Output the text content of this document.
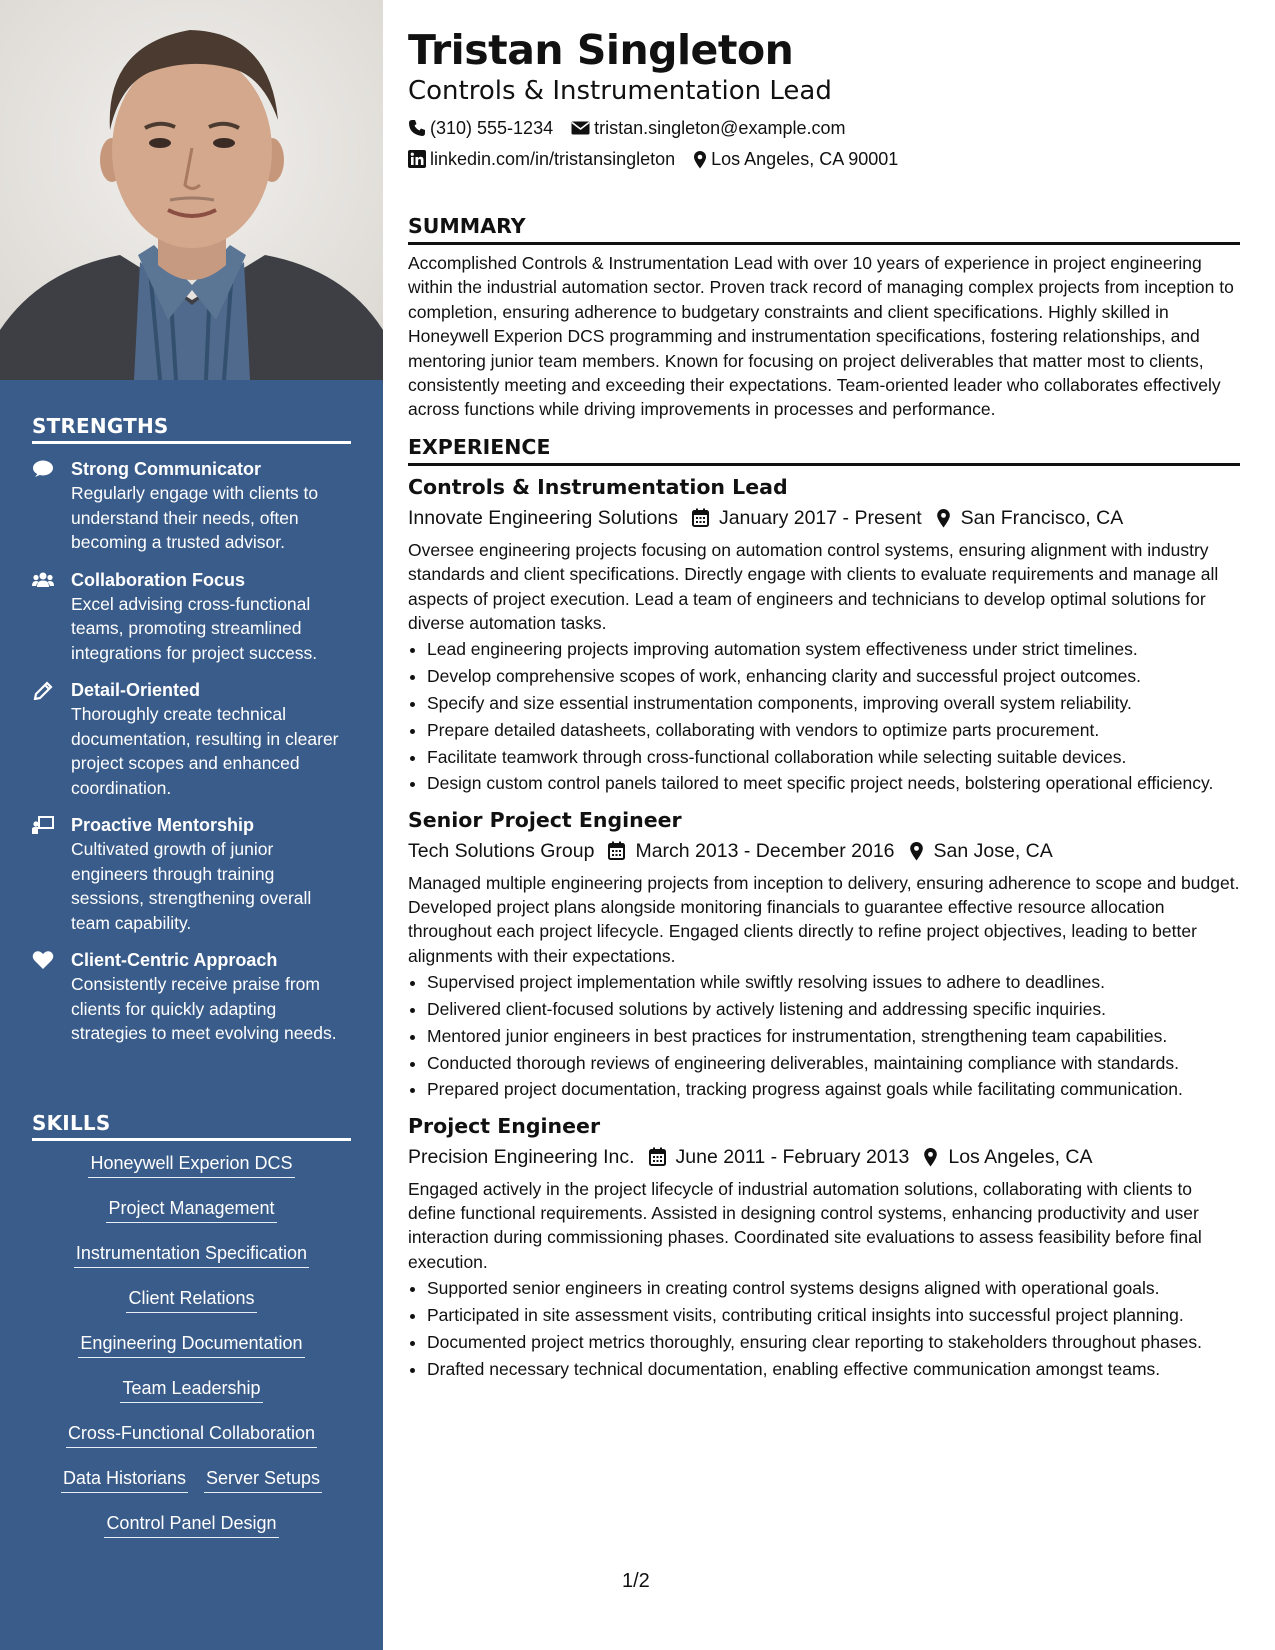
STRENGTHS
Strong Communicator
Regularly engage with clients to understand their needs, often becoming a trusted advisor.
Collaboration Focus
Excel advising cross-functional teams, promoting streamlined integrations for project success.
Detail-Oriented
Thoroughly create technical documentation, resulting in clearer project scopes and enhanced coordination.
Proactive Mentorship
Cultivated growth of junior engineers through training sessions, strengthening overall team capability.
Client-Centric Approach
Consistently receive praise from clients for quickly adapting strategies to meet evolving needs.
SKILLS
Honeywell Experion DCS
Project Management
Instrumentation Specification
Client Relations
Engineering Documentation
Team Leadership
Cross-Functional Collaboration
Data Historians Server Setups
Control Panel Design
Tristan Singleton
Controls & Instrumentation Lead
(310) 555-1234 tristan.singleton@example.com
linkedin.com/in/tristansingleton Los Angeles, CA 90001
SUMMARY

Accomplished Controls & Instrumentation Lead with over 10 years of experience in project engineering within the industrial automation sector. Proven track record of managing complex projects from inception to completion, ensuring adherence to budgetary constraints and client specifications. Highly skilled in Honeywell Experion DCS programming and instrumentation specifications, fostering relationships, and mentoring junior team members. Known for focusing on project deliverables that matter most to clients, consistently meeting and exceeding their expectations. Team-oriented leader who collaborates effectively across functions while driving improvements in processes and performance.

EXPERIENCE
Controls & Instrumentation Lead
Innovate Engineering Solutions January 2017 - Present San Francisco, CA

Oversee engineering projects focusing on automation control systems, ensuring alignment with industry standards and client specifications. Directly engage with clients to evaluate requirements and manage all aspects of project execution. Lead a team of engineers and technicians to develop optimal solutions for diverse automation tasks.

• Lead engineering projects improving automation system effectiveness under strict timelines.
• Develop comprehensive scopes of work, enhancing clarity and successful project outcomes.
• Specify and size essential instrumentation components, improving overall system reliability.
• Prepare detailed datasheets, collaborating with vendors to optimize parts procurement.
• Facilitate teamwork through cross-functional collaboration while selecting suitable devices.
• Design custom control panels tailored to meet specific project needs, bolstering operational efficiency.
Senior Project Engineer
Tech Solutions Group March 2013 - December 2016 San Jose, CA

Managed multiple engineering projects from inception to delivery, ensuring adherence to scope and budget. Developed project plans alongside monitoring financials to guarantee effective resource allocation throughout each project lifecycle. Engaged clients directly to refine project objectives, leading to better alignments with their expectations.

• Supervised project implementation while swiftly resolving issues to adhere to deadlines.
• Delivered client-focused solutions by actively listening and addressing specific inquiries.
• Mentored junior engineers in best practices for instrumentation, strengthening team capabilities.
• Conducted thorough reviews of engineering deliverables, maintaining compliance with standards.
• Prepared project documentation, tracking progress against goals while facilitating communication.
Project Engineer
Precision Engineering Inc. June 2011 - February 2013 Los Angeles, CA

Engaged actively in the project lifecycle of industrial automation solutions, collaborating with clients to define functional requirements. Assisted in designing control systems, enhancing productivity and user interaction during commissioning phases. Coordinated site evaluations to assess feasibility before final execution.

• Supported senior engineers in creating control systems designs aligned with operational goals.
• Participated in site assessment visits, contributing critical insights into successful project planning.
• Documented project metrics thoroughly, ensuring clear reporting to stakeholders throughout phases.
• Drafted necessary technical documentation, enabling effective communication amongst teams.
1/2
